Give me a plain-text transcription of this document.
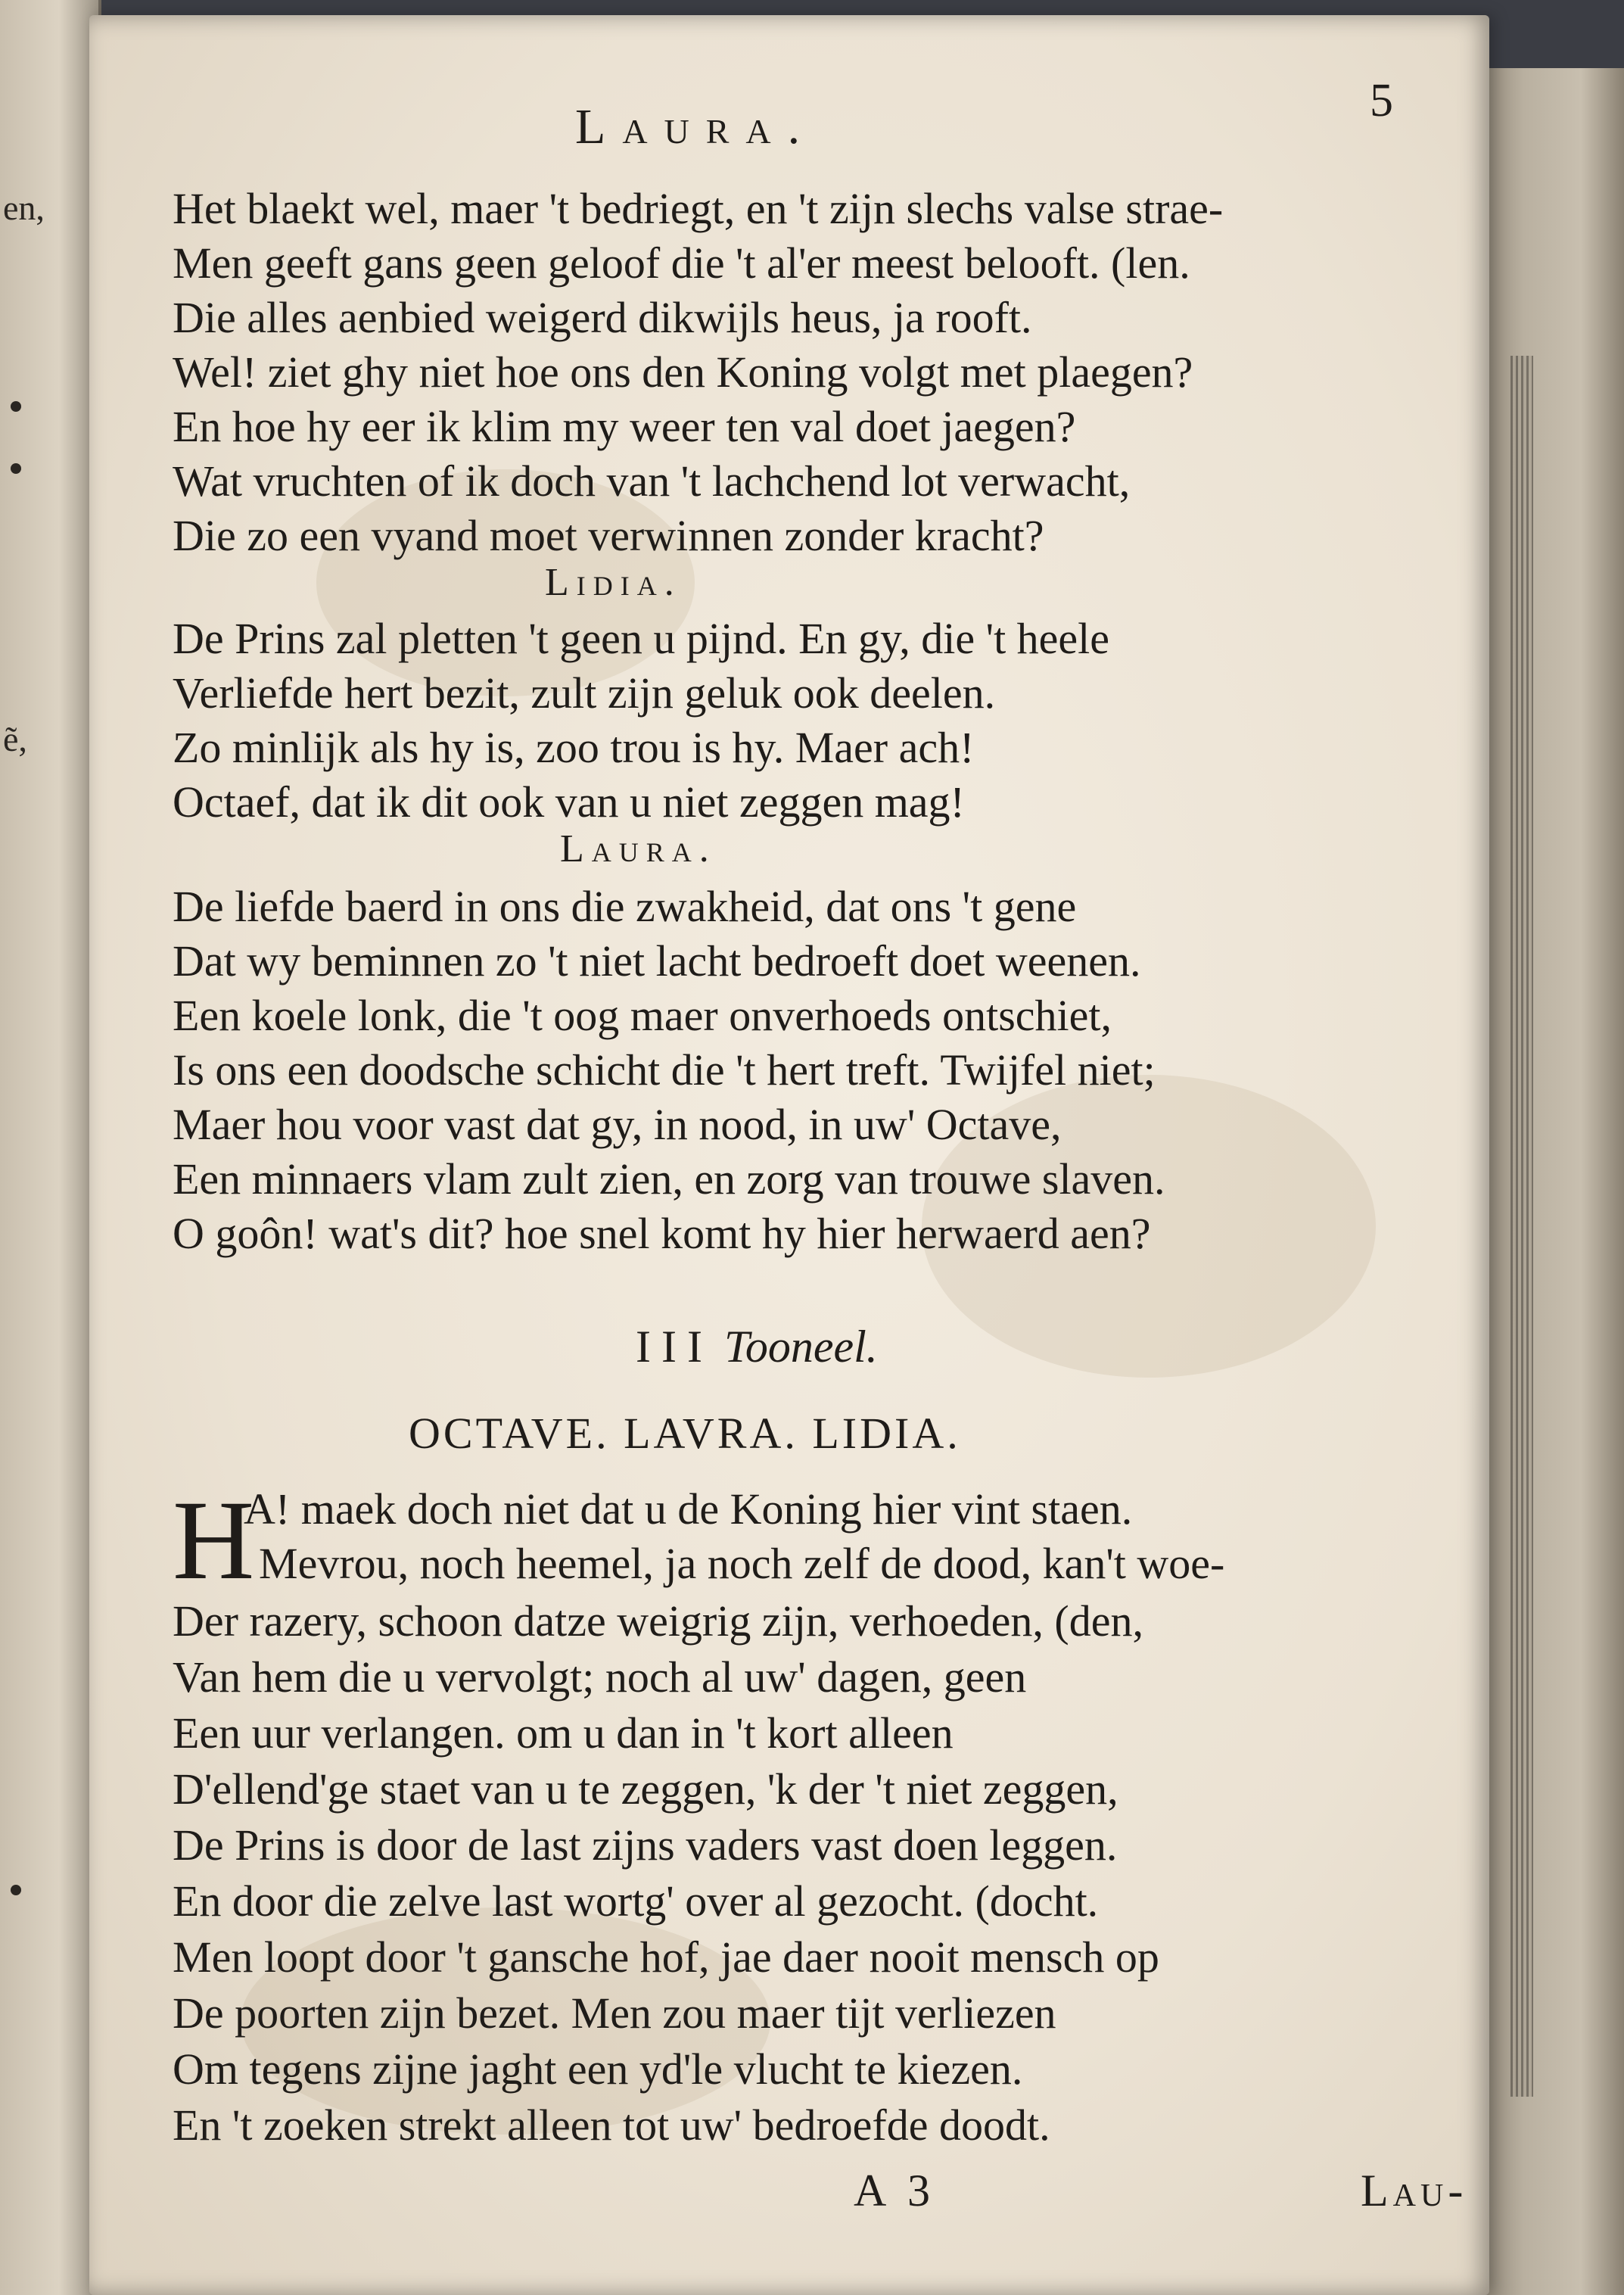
en,
ẽ,
5
Laura.
Het blaekt wel, maer 't bedriegt, en 't zijn slechs valse strae-
Men geeft gans geen geloof die 't al'er meest belooft. (len.
Die alles aenbied weigerd dikwijls heus, ja rooft.
Wel! ziet ghy niet hoe ons den Koning volgt met plaegen?
En hoe hy eer ik klim my weer ten val doet jaegen?
Wat vruchten of ik doch van 't lachchend lot verwacht,
Die zo een vyand moet verwinnen zonder kracht?
Lidia.
De Prins zal pletten 't geen u pijnd. En gy, die 't heele
Verliefde hert bezit, zult zijn geluk ook deelen.
Zo minlijk als hy is, zoo trou is hy. Maer ach!
Octaef, dat ik dit ook van u niet zeggen mag!
Laura.
De liefde baerd in ons die zwakheid, dat ons 't gene
Dat wy beminnen zo 't niet lacht bedroeft doet weenen.
Een koele lonk, die 't oog maer onverhoeds ontschiet,
Is ons een doodsche schicht die 't hert treft. Twijfel niet;
Maer hou voor vast dat gy, in nood, in uw' Octave,
Een minnaers vlam zult zien, en zorg van trouwe slaven.
O goôn! wat's dit? hoe snel komt hy hier herwaerd aen?
III Tooneel.
OCTAVE. LAVRA. LIDIA.
H
A! maek doch niet dat u de Koning hier vint staen.
Mevrou, noch heemel, ja noch zelf de dood, kan't woe-
Der razery, schoon datze weigrig zijn, verhoeden, (den,
Van hem die u vervolgt; noch al uw' dagen, geen
Een uur verlangen. om u dan in 't kort alleen
D'ellend'ge staet van u te zeggen, 'k der 't niet zeggen,
De Prins is door de last zijns vaders vast doen leggen.
En door die zelve last wortg' over al gezocht. (docht.
Men loopt door 't gansche hof, jae daer nooit mensch op
De poorten zijn bezet. Men zou maer tijt verliezen
Om tegens zijne jaght een yd'le vlucht te kiezen.
En 't zoeken strekt alleen tot uw' bedroefde doodt.
A 3	Lau-
